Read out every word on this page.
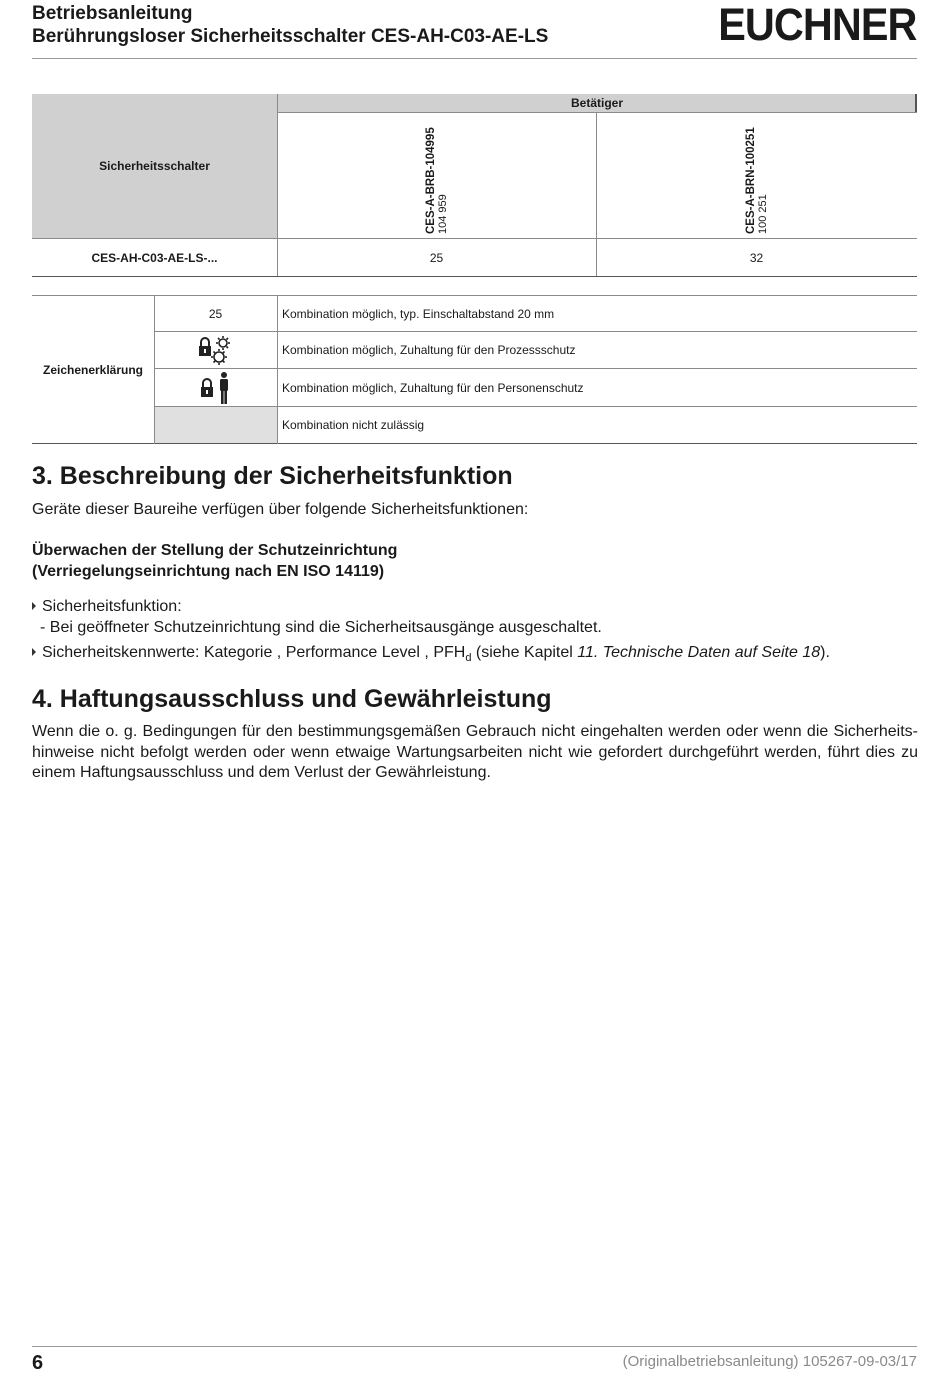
Betriebsanleitung
Berührungsloser Sicherheitsschalter CES-AH-C03-AE-LS	EUCHNER
Betätiger
Sicherheitsschalter	CES-A-BRB-104995 104 959	CES-A-BRN-100251 100 251
CES-AH-C03-AE-LS-...	25	32
Zeichenerklärung
25	Kombination möglich, typ. Einschaltabstand 20 mm
Kombination möglich, Zuhaltung für den Prozessschutz
Kombination möglich, Zuhaltung für den Personenschutz
Kombination nicht zulässig
3. Beschreibung der Sicherheitsfunktion
Geräte dieser Baureihe verfügen über folgende Sicherheitsfunktionen:
Überwachen der Stellung der Schutzeinrichtung
(Verriegelungseinrichtung nach EN ISO 14119)
Sicherheitsfunktion:
- Bei geöffneter Schutzeinrichtung sind die Sicherheitsausgänge ausgeschaltet.
Sicherheitskennwerte: Kategorie , Performance Level , $PFH_d$ (siehe Kapitel 11. Technische Daten auf Seite 18).
4. Haftungsausschluss und Gewährleistung
Wenn die o. g. Bedingungen für den bestimmungsgemäßen Gebrauch nicht eingehalten werden oder wenn die Sicherheitshinweise nicht befolgt werden oder wenn etwaige Wartungsarbeiten nicht wie gefordert durchgeführt werden, führt dies zu einem Haftungsausschluss und dem Verlust der Gewährleistung.
6	(Originalbetriebsanleitung) 105267-09-03/17
